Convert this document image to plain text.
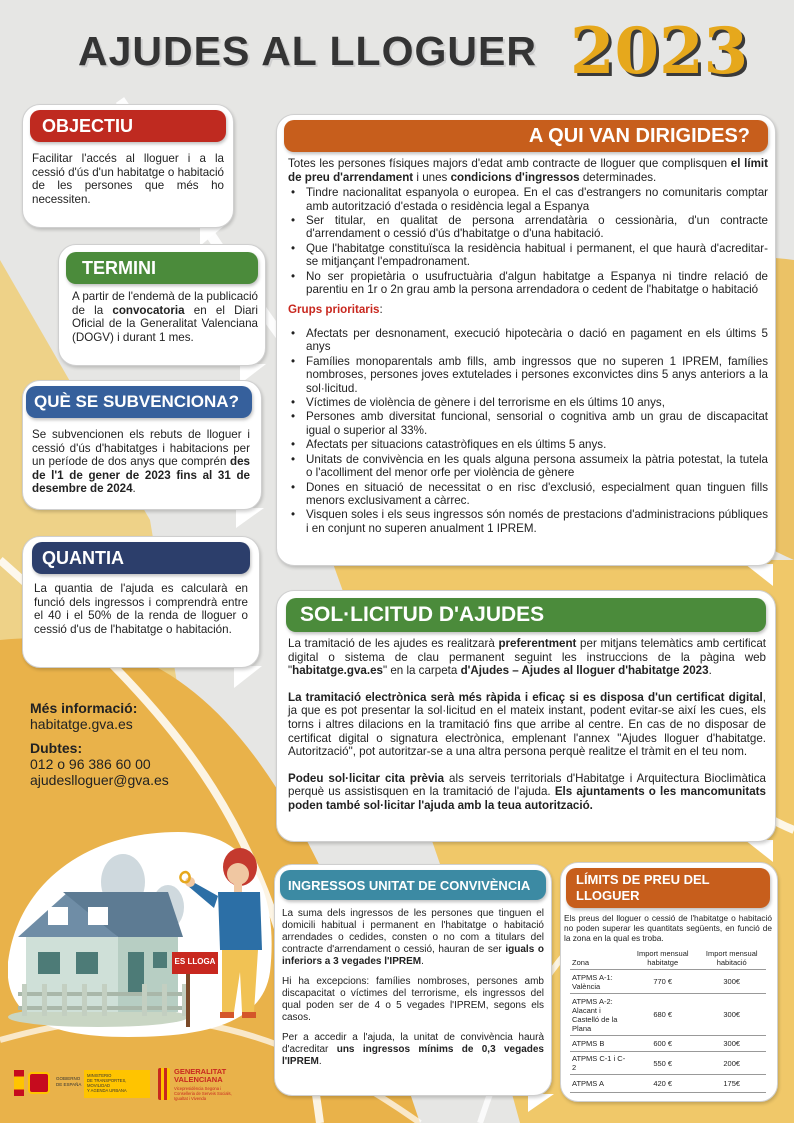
AJUDES AL LLOGUER 2023
OBJECTIU
Facilitar l'accés al lloguer i a la cessió d'ús d'un habitatge o habitació de les persones que més ho necessiten.
TERMINI
A partir de l'endemà de la publicació de la convocatoria en el Diari Oficial de la Generalitat Valenciana (DOGV) i durant 1 mes.
QUÈ SE SUBVENCIONA?
Se subvencionen els rebuts de lloguer i cessió d'ús d'habitatges i habitacions per un període de dos anys que comprén des de l'1 de gener de 2023 fins al 31 de desembre de 2024.
QUANTIA
La quantia de l'ajuda es calcularà en funció dels ingressos i comprendrà entre el 40 i el 50% de la renda de lloguer o cessió d'us de l'habitatge o habitación.
Més informació:
habitatge.gva.es
Dubtes:
012 o 96 386 60 00
ajudeslloguer@gva.es
A QUI VAN DIRIGIDES?

Totes les persones físiques majors d'edat amb contracte de lloguer que complisquen el límit de preu d'arrendament i unes condicions d'ingressos determinades.

• Tindre nacionalitat espanyola o europea. En el cas d'estrangers no comunitaris comptar amb autorització d'estada o residència legal a Espanya
• Ser titular, en qualitat de persona arrendatària o cessionària, d'un contracte d'arrendament o cessió d'ús d'habitatge o d'una habitació.
• Que l'habitatge constituïsca la residència habitual i permanent, el que haurà d'acreditar-se mitjançant l'empadronament.
• No ser propietària o usufructuària d'algun habitatge a Espanya ni tindre relació de parentiu en 1r o 2n grau amb la persona arrendadora o cedent de l'habitatge o habitació

Grups prioritaris:

• Afectats per desnonament, execució hipotecària o dació en pagament en els últims 5 anys
• Famílies monoparentals amb fills, amb ingressos que no superen 1 IPREM, famílies nombroses, persones joves extutelades i persones exconvictes dins 5 anys anteriors a la sol·licitud.
• Víctimes de violència de gènere i del terrorisme en els últims 10 anys,
• Persones amb diversitat funcional, sensorial o cognitiva amb un grau de discapacitat igual o superior al 33%.
• Afectats per situacions catastròfiques en els últims 5 anys.
• Unitats de convivència en les quals alguna persona assumeix la pàtria potestat, la tutela o l'acolliment del menor orfe per violència de gènere
• Dones en situació de necessitat o en risc d'exclusió, especialment quan tinguen fills menors exclusivament a càrrec.
• Visquen soles i els seus ingressos són només de prestacions d'administracions públiques i en conjunt no superen anualment 1 IPREM.
SOL·LICITUD D'AJUDES

La tramitació de les ajudes es realitzarà preferentment per mitjans telemàtics amb certificat digital o sistema de clau permanent seguint les instruccions de la pàgina web "habitatge.gva.es" en la carpeta d'Ajudes – Ajudes al lloguer d'habitatge 2023.

La tramitació electrònica serà més ràpida i eficaç si es disposa d'un certificat digital, ja que es pot presentar la sol·licitud en el mateix instant, podent evitar-se així les cues, els torns i altres dilacions en la tramitació fins que arribe al centre. En cas de no disposar de certificat digital o signatura electrònica, emplenant l'annex "Ajudes lloguer d'habitatge. Autorització", pot autoritzar-se a una altra persona perquè realitze el tràmit en el teu nom.

Podeu sol·licitar cita prèvia als serveis territorials d'Habitatge i Arquitectura Bioclimàtica perquè us assistisquen en la tramitació de l'ajuda. Els ajuntaments o les mancomunitats poden també sol·licitar l'ajuda amb la teua autorització.

INGRESSOS UNITAT DE CONVIVÈNCIA

La suma dels ingressos de les persones que tinguen el domicili habitual i permanent en l'habitatge o habitació arrendades o cedides, consten o no com a titulars del contracte d'arrendament o cessió, hauran de ser iguals o inferiors a 3 vegades l'IPREM.

Hi ha excepcions: famílies nombroses, persones amb discapacitat o víctimes del terrorisme, els ingressos del qual poden ser de 4 o 5 vegades l'IPREM, segons els casos.

Per a accedir a l'ajuda, la unitat de convivència haurà d'acreditar uns ingressos mínims de 0,3 vegades l'IPREM.

LÍMITS DE PREU DEL LLOGUER

Els preus del lloguer o cessió de l'habitatge o habitació no poden superar les quantitats següents, en funció de la zona en la qual es troba.

Zona	Import mensual habitatge	Import mensual habitació
ATPMS A-1: València	770 €	300€
ATPMS A-2: Alacant i Castelló de la Plana	680 €	300€
ATPMS B	600 €	300€
ATPMS C-1 i C-2	550 €	200€
ATPMS A	420 €	175€
ES LLOGA
GOBIERNO
DE ESPAÑA
MINISTERIO
DE TRANSPORTES, MOVILIDAD
Y AGENDA URBANA
GENERALITAT
VALENCIANA
Vicepresidència Segona i
Conselleria de Serveis Socials,
Igualtat i Vivenda
